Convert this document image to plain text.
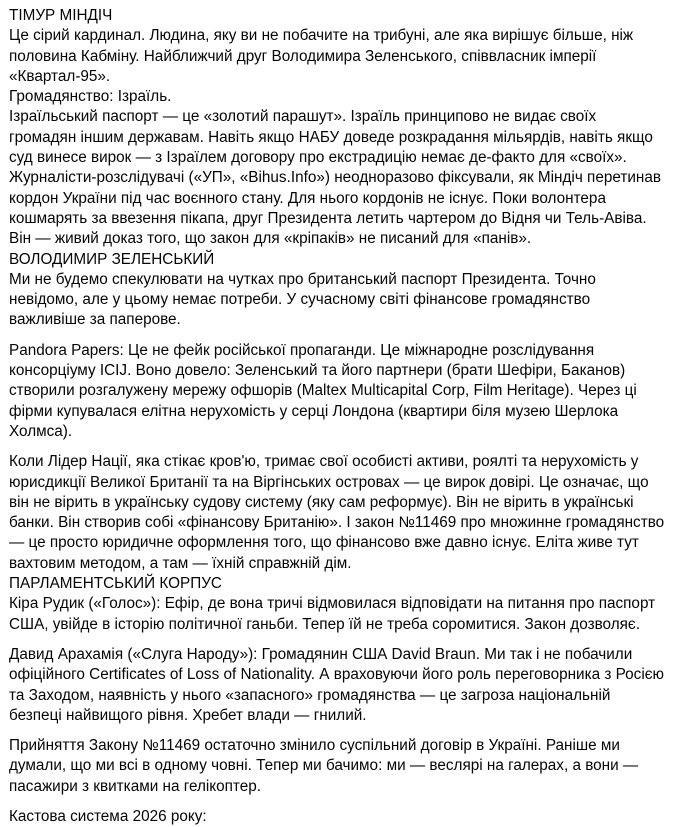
ТІМУР МІНДІЧ

Це сірий кардинал. Людина, яку ви не побачите на трибуні, але яка вирішує більше, ніж половина Кабміну. Найближчий друг Володимира Зеленського, співвласник імперії «Квартал-95».

Громадянство: Ізраїль.

Ізраїльський паспорт — це «золотий парашут». Ізраїль принципово не видає своїх громадян іншим державам. Навіть якщо НАБУ доведе розкрадання мільярдів, навіть якщо суд винесе вирок — з Ізраїлем договору про екстрадицію немає де-факто для «своїх». Журналісти-розслідувачі («УП», «Bihus.Info») неодноразово фіксували, як Міндіч перетинав кордон України під час воєнного стану. Для нього кордонів не існує. Поки волонтера кошмарять за ввезення пікапа, друг Президента летить чартером до Відня чи Тель-Авіва. Він — живий доказ того, що закон для «кріпаків» не писаний для «панів».

ВОЛОДИМИР ЗЕЛЕНСЬКИЙ

Ми не будемо спекулювати на чутках про британський паспорт Президента. Точно невідомо, але у цьому немає потреби. У сучасному світі фінансове громадянство важливіше за паперове.

Pandora Papers: Це не фейк російської пропаганди. Це міжнародне розслідування консорціуму ICIJ. Воно довело: Зеленський та його партнери (брати Шефіри, Баканов) створили розгалужену мережу офшорів (Maltex Multicapital Corp, Film Heritage). Через ці фірми купувалася елітна нерухомість у серці Лондона (квартири біля музею Шерлока Холмса).

Коли Лідер Нації, яка стікає кров'ю, тримає свої особисті активи, роялті та нерухомість у юрисдикції Великої Британії та на Віргінських островах — це вирок довірі. Це означає, що він не вірить в українську судову систему (яку сам реформує). Він не вірить в українські банки. Він створив собі «фінансову Британію». І закон №11469 про множинне громадянство — це просто юридичне оформлення того, що фінансово вже давно існує. Еліта живе тут вахтовим методом, а там — їхній справжній дім.

ПАРЛАМЕНТСЬКИЙ КОРПУС

Кіра Рудик («Голос»): Ефір, де вона тричі відмовилася відповідати на питання про паспорт США, увійде в історію політичної ганьби. Тепер їй не треба соромитися. Закон дозволяє.

Давид Арахамія («Слуга Народу»): Громадянин США David Braun. Ми так і не побачили офіційного Certificates of Loss of Nationality. А враховуючи його роль переговорника з Росією та Заходом, наявність у нього «запасного» громадянства — це загроза національній безпеці найвищого рівня. Хребет влади — гнилий.

Прийняття Закону №11469 остаточно змінило суспільний договір в Україні. Раніше ми думали, що ми всі в одному човні. Тепер ми бачимо: ми — веслярі на галерах, а вони — пасажири з квитками на гелікоптер.

Кастова система 2026 року:
